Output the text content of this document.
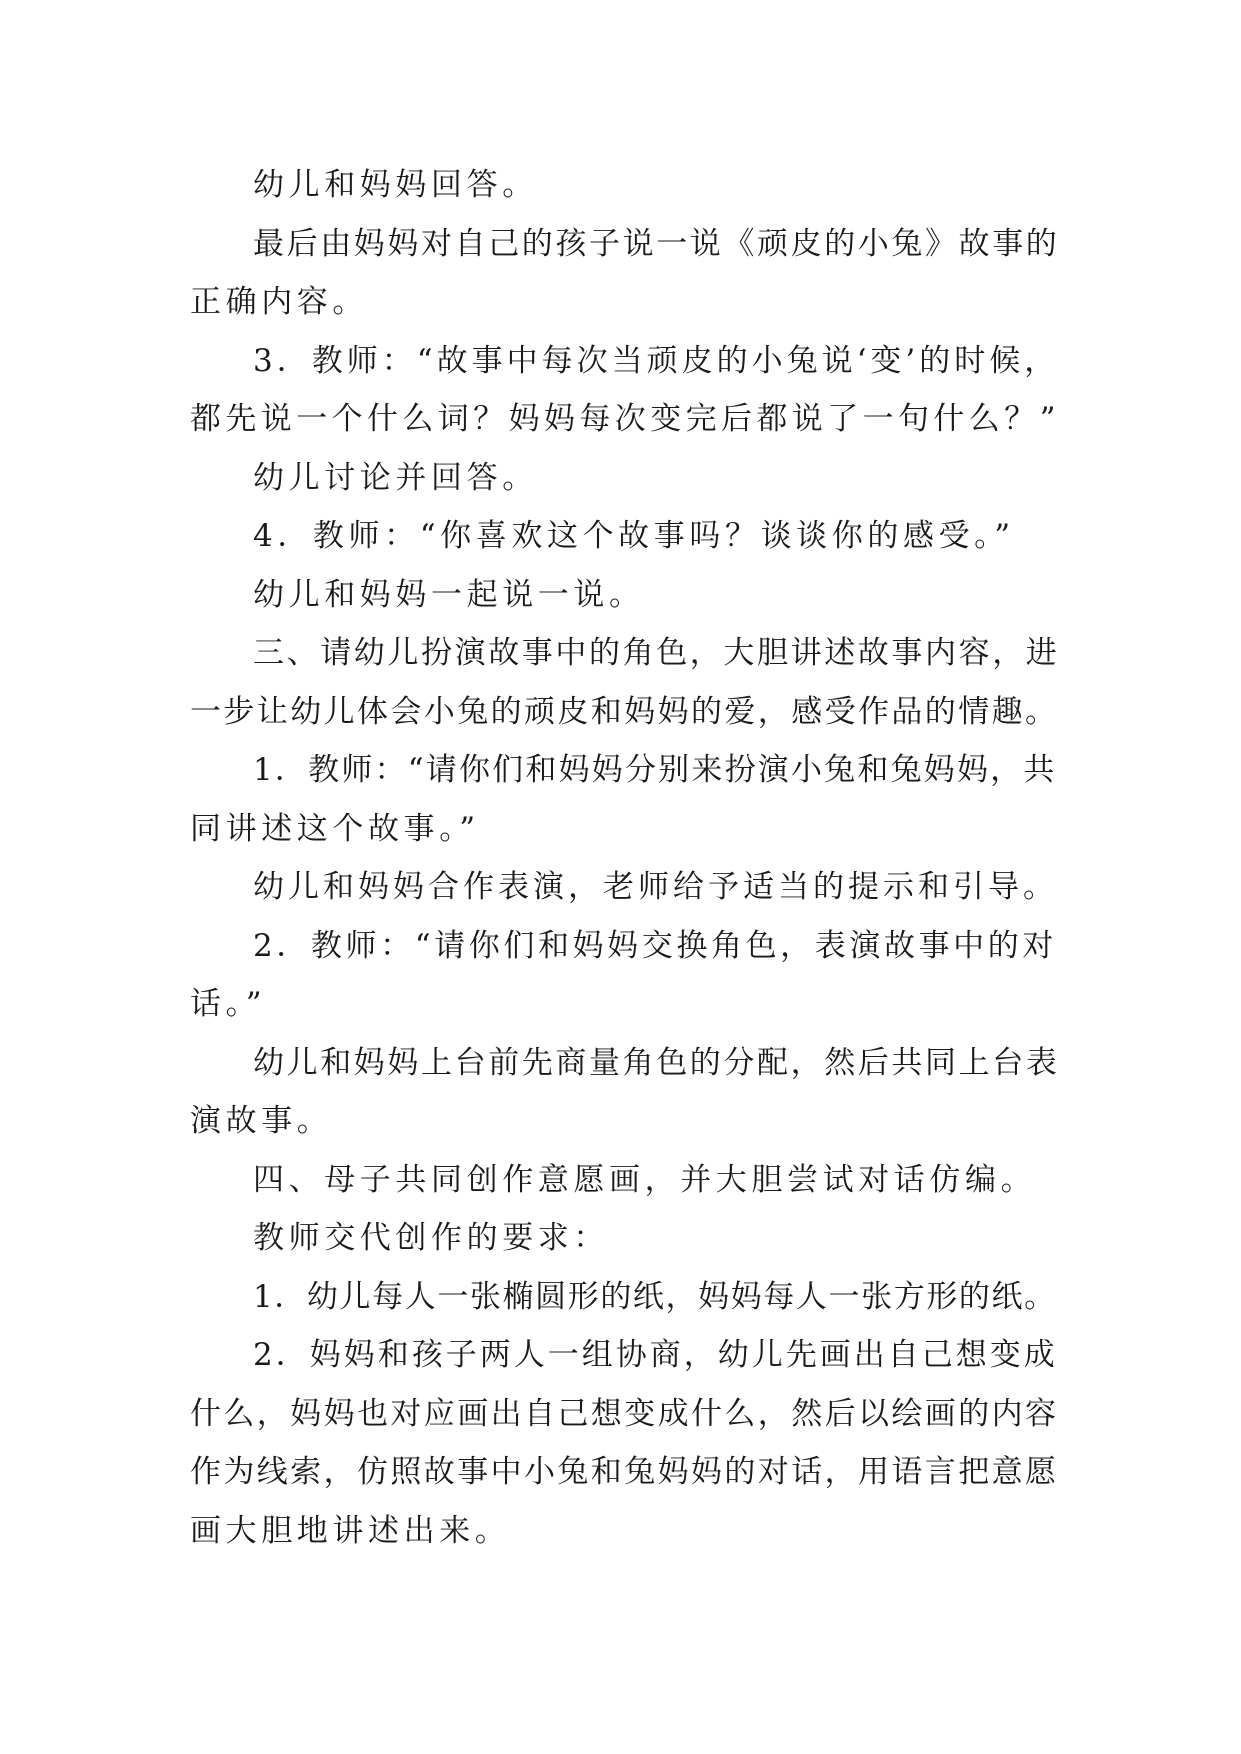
幼儿和妈妈回答。
最后由妈妈对自己的孩子说一说《顽皮的小兔》故事的
正确内容。
3．教师：“故事中每次当顽皮的小兔说‘变’的时候，
都先说一个什么词？妈妈每次变完后都说了一句什么？”
幼儿讨论并回答。
4．教师：“你喜欢这个故事吗？谈谈你的感受。”
幼儿和妈妈一起说一说。
三、请幼儿扮演故事中的角色，大胆讲述故事内容，进
一步让幼儿体会小兔的顽皮和妈妈的爱，感受作品的情趣。
1．教师：“请你们和妈妈分别来扮演小兔和兔妈妈，共
同讲述这个故事。”
幼儿和妈妈合作表演，老师给予适当的提示和引导。
2．教师：“请你们和妈妈交换角色，表演故事中的对
话。”
幼儿和妈妈上台前先商量角色的分配，然后共同上台表
演故事。
四、母子共同创作意愿画，并大胆尝试对话仿编。
教师交代创作的要求：
1．幼儿每人一张椭圆形的纸，妈妈每人一张方形的纸。
2．妈妈和孩子两人一组协商，幼儿先画出自己想变成
什么，妈妈也对应画出自己想变成什么，然后以绘画的内容
作为线索，仿照故事中小兔和兔妈妈的对话，用语言把意愿
画大胆地讲述出来。
